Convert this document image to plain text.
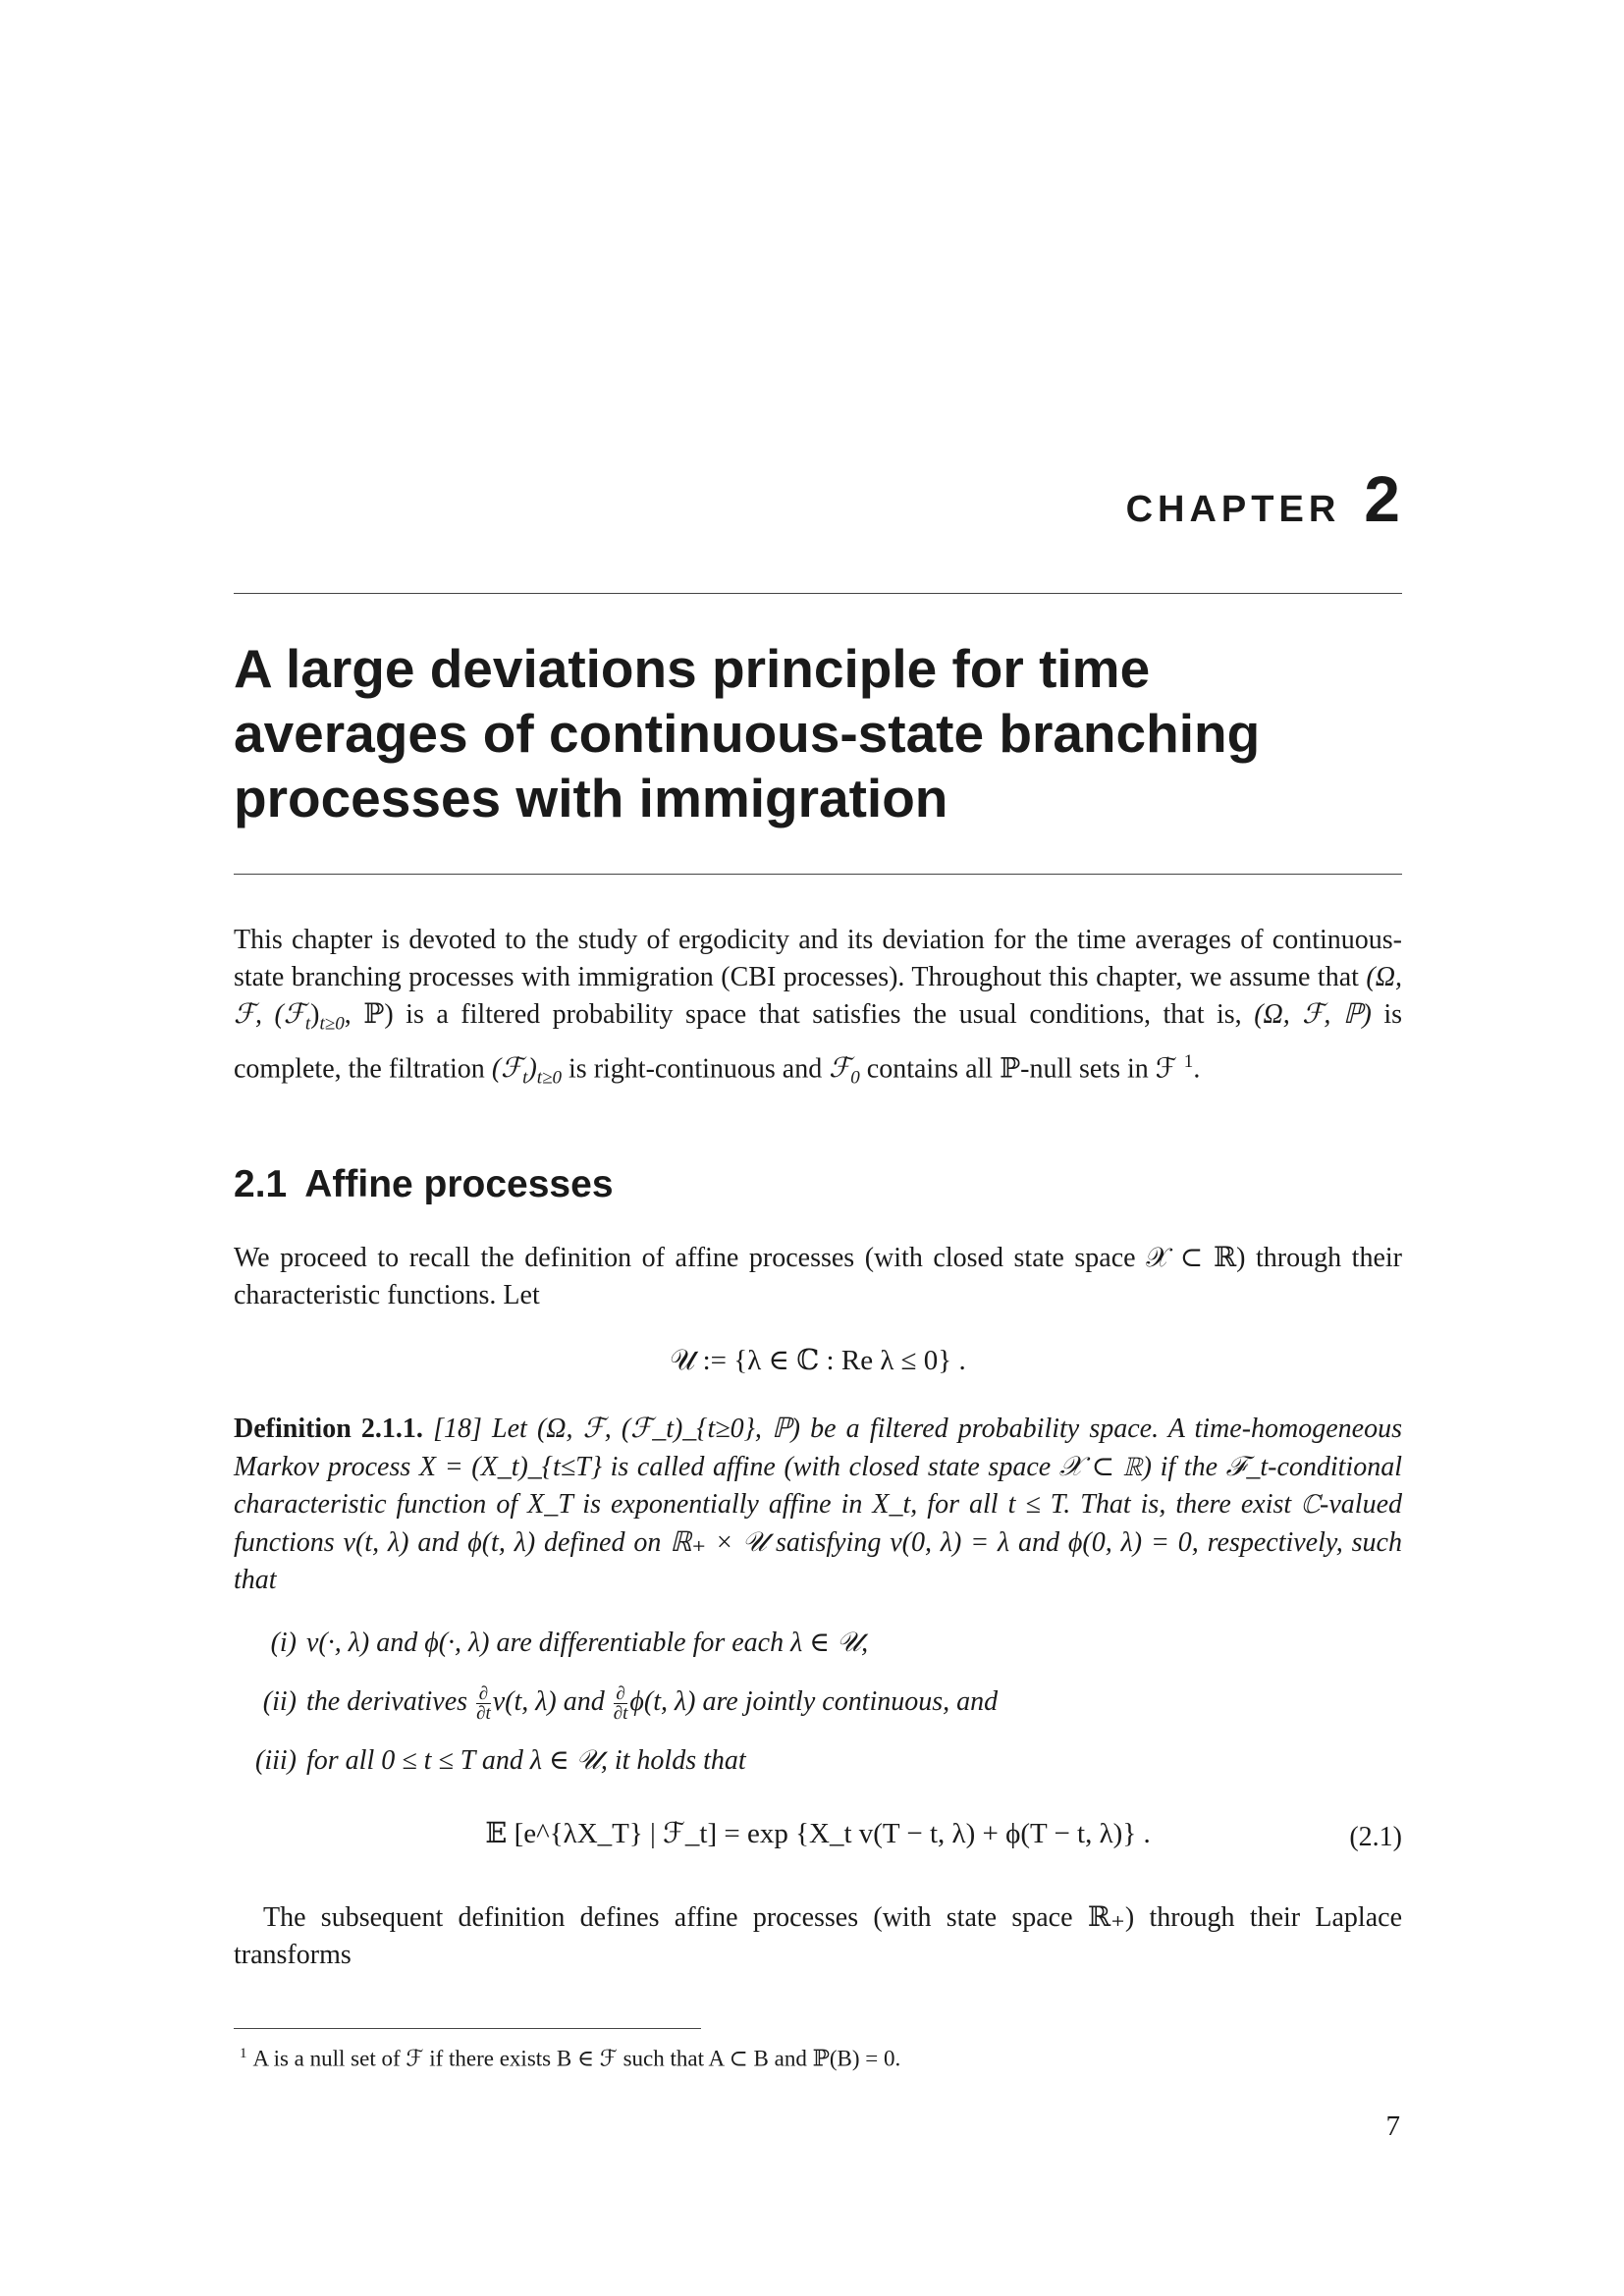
CHAPTER 2
A large deviations principle for time
averages of continuous-state branching
processes with immigration
This chapter is devoted to the study of ergodicity and its deviation for the time averages of continuous-state branching processes with immigration (CBI processes). Throughout this chapter, we assume that (Ω, ℱ, $(ℱ_t)_{t\ge 0}$, ℙ) is a filtered probability space that satisfies the usual conditions, that is, (Ω, ℱ, ℙ) is complete, the filtration $(ℱ_t)_{t\ge 0}$ is right-continuous and ℱ$_0$ contains all ℙ-null sets in ℱ $^1$.
2.1 Affine processes
We proceed to recall the definition of affine processes (with closed state space 𝒳 ⊂ ℝ) through their characteristic functions. Let
𝒰 := {λ ∈ ℂ : Re λ ≤ 0} .
Definition 2.1.1. [18] Let (Ω, ℱ, (ℱ_t)_{t≥0}, ℙ) be a filtered probability space. A time-homogeneous Markov process X = (X_t)_{t≤T} is called affine (with closed state space 𝒳 ⊂ ℝ) if the ℱ_t-conditional characteristic function of X_T is exponentially affine in X_t, for all t ≤ T. That is, there exist ℂ-valued functions v(t, λ) and ϕ(t, λ) defined on ℝ₊ × 𝒰 satisfying v(0, λ) = λ and ϕ(0, λ) = 0, respectively, such that
(i) v(·, λ) and ϕ(·, λ) are differentiable for each λ ∈ 𝒰,
(ii) the derivatives $\frac{\partial}{\partial t} v(t$, λ) and $\frac{\partial}{\partial t} \phi(t$, λ) are jointly continuous, and
(iii) for all 0 ≤ t ≤ T and λ ∈ 𝒰, it holds that
𝔼 [e^{λX_T} | ℱ_t] = exp {X_t v(T − t, λ) + ϕ(T − t, λ)} .	(2.1)
The subsequent definition defines affine processes (with state space ℝ₊) through their Laplace transforms
$^1$ A is a null set of ℱ if there exists B ∈ ℱ such that A ⊂ B and ℙ(B) = 0.
7
